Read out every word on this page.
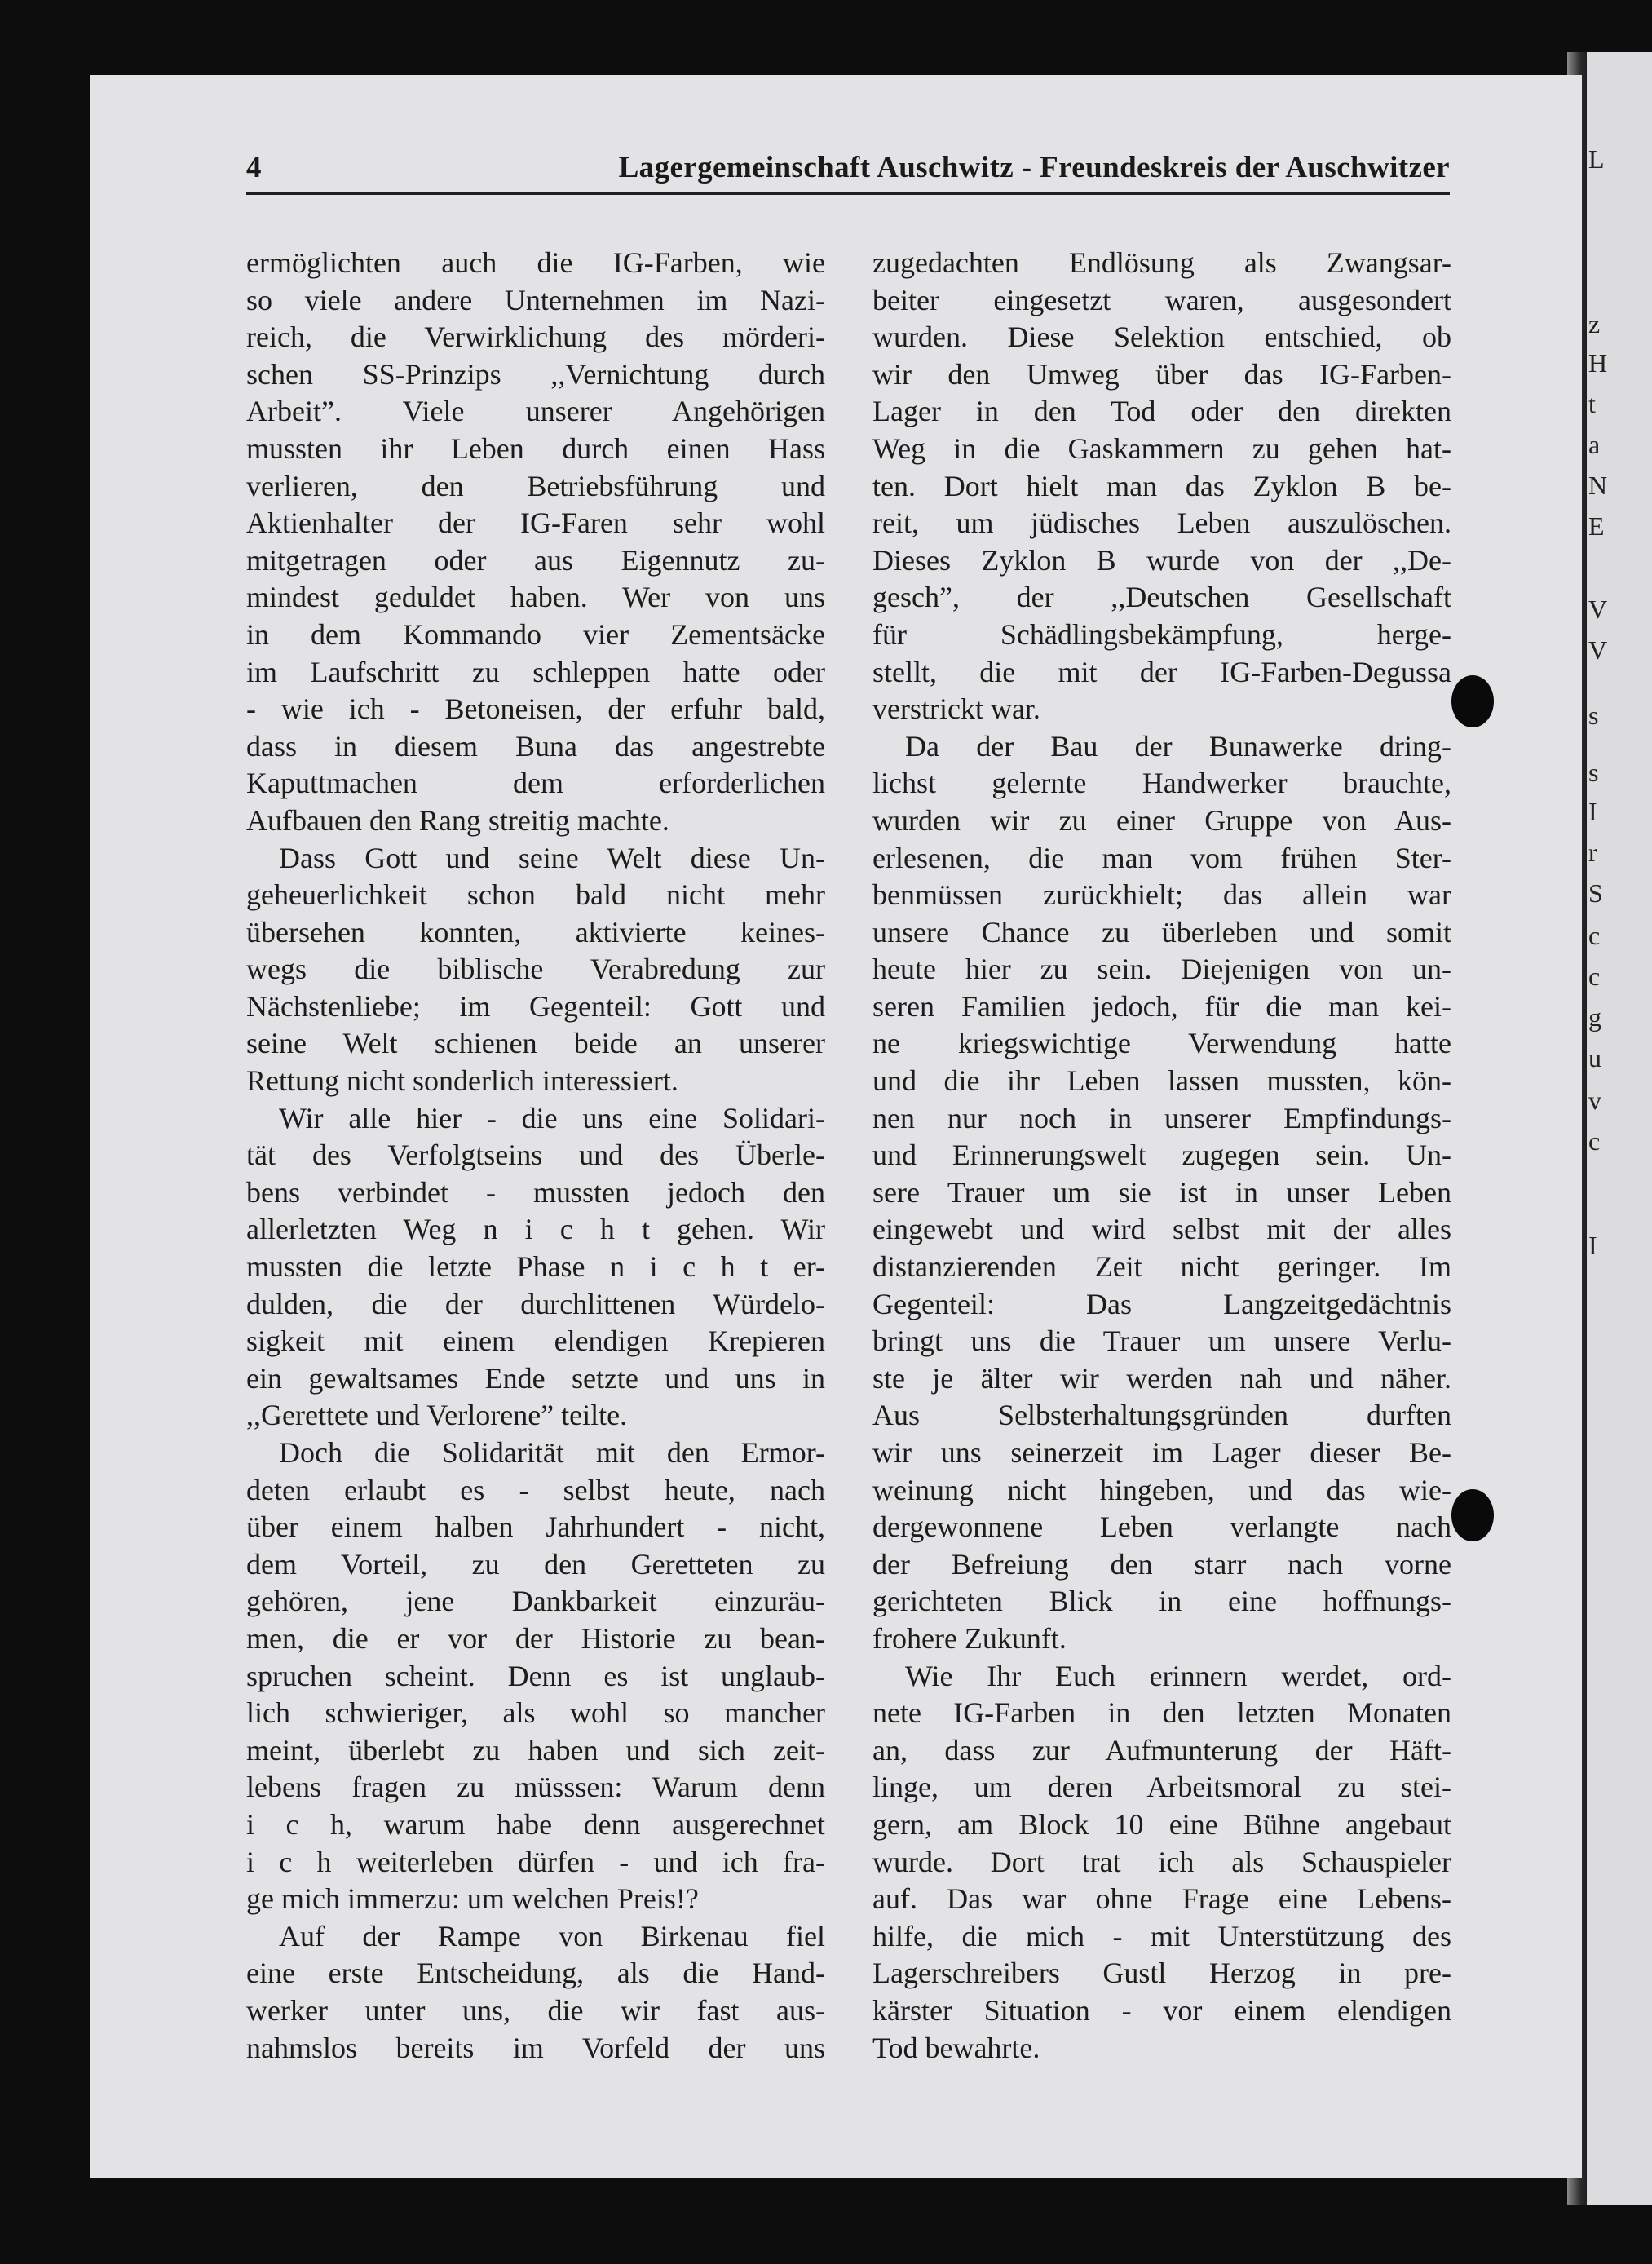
L
z
H
t
a
N
E
V
V
s
s
I
r
S
c
c
g
u
v
c
I
4	Lagergemeinschaft Auschwitz - Freundeskreis der Auschwitzer
ermöglichten auch die IG-Farben, wie
so viele andere Unternehmen im Nazi-
reich, die Verwirklichung des mörderi-
schen SS-Prinzips ,,Vernichtung durch
Arbeit”. Viele unserer Angehörigen
mussten ihr Leben durch einen Hass
verlieren, den Betriebsführung und
Aktienhalter der IG-Faren sehr wohl
mitgetragen oder aus Eigennutz zu-
mindest geduldet haben. Wer von uns
in dem Kommando vier Zementsäcke
im Laufschritt zu schleppen hatte oder
- wie ich - Betoneisen, der erfuhr bald,
dass in diesem Buna das angestrebte
Kaputtmachen dem erforderlichen
Aufbauen den Rang streitig machte.
Dass Gott und seine Welt diese Un-
geheuerlichkeit schon bald nicht mehr
übersehen konnten, aktivierte keines-
wegs die biblische Verabredung zur
Nächstenliebe; im Gegenteil: Gott und
seine Welt schienen beide an unserer
Rettung nicht sonderlich interessiert.
Wir alle hier - die uns eine Solidari-
tät des Verfolgtseins und des Überle-
bens verbindet - mussten jedoch den
allerletzten Weg n i c h t gehen. Wir
mussten die letzte Phase n i c h t er-
dulden, die der durchlittenen Würdelo-
sigkeit mit einem elendigen Krepieren
ein gewaltsames Ende setzte und uns in
,,Gerettete und Verlorene” teilte.
Doch die Solidarität mit den Ermor-
deten erlaubt es - selbst heute, nach
über einem halben Jahrhundert - nicht,
dem Vorteil, zu den Geretteten zu
gehören, jene Dankbarkeit einzuräu-
men, die er vor der Historie zu bean-
spruchen scheint. Denn es ist unglaub-
lich schwieriger, als wohl so mancher
meint, überlebt zu haben und sich zeit-
lebens fragen zu müsssen: Warum denn
i c h, warum habe denn ausgerechnet
i c h weiterleben dürfen - und ich fra-
ge mich immerzu: um welchen Preis!?
Auf der Rampe von Birkenau fiel
eine erste Entscheidung, als die Hand-
werker unter uns, die wir fast aus-
nahmslos bereits im Vorfeld der uns
zugedachten Endlösung als Zwangsar-
beiter eingesetzt waren, ausgesondert
wurden. Diese Selektion entschied, ob
wir den Umweg über das IG-Farben-
Lager in den Tod oder den direkten
Weg in die Gaskammern zu gehen hat-
ten. Dort hielt man das Zyklon B be-
reit, um jüdisches Leben auszulöschen.
Dieses Zyklon B wurde von der ,,De-
gesch”, der ,,Deutschen Gesellschaft
für Schädlingsbekämpfung, herge-
stellt, die mit der IG-Farben-Degussa
verstrickt war.
Da der Bau der Bunawerke dring-
lichst gelernte Handwerker brauchte,
wurden wir zu einer Gruppe von Aus-
erlesenen, die man vom frühen Ster-
benmüssen zurückhielt; das allein war
unsere Chance zu überleben und somit
heute hier zu sein. Diejenigen von un-
seren Familien jedoch, für die man kei-
ne kriegswichtige Verwendung hatte
und die ihr Leben lassen mussten, kön-
nen nur noch in unserer Empfindungs-
und Erinnerungswelt zugegen sein. Un-
sere Trauer um sie ist in unser Leben
eingewebt und wird selbst mit der alles
distanzierenden Zeit nicht geringer. Im
Gegenteil: Das Langzeitgedächtnis
bringt uns die Trauer um unsere Verlu-
ste je älter wir werden nah und näher.
Aus Selbsterhaltungsgründen durften
wir uns seinerzeit im Lager dieser Be-
weinung nicht hingeben, und das wie-
dergewonnene Leben verlangte nach
der Befreiung den starr nach vorne
gerichteten Blick in eine hoffnungs-
frohere Zukunft.
Wie Ihr Euch erinnern werdet, ord-
nete IG-Farben in den letzten Monaten
an, dass zur Aufmunterung der Häft-
linge, um deren Arbeitsmoral zu stei-
gern, am Block 10 eine Bühne angebaut
wurde. Dort trat ich als Schauspieler
auf. Das war ohne Frage eine Lebens-
hilfe, die mich - mit Unterstützung des
Lagerschreibers Gustl Herzog in pre-
kärster Situation - vor einem elendigen
Tod bewahrte.
